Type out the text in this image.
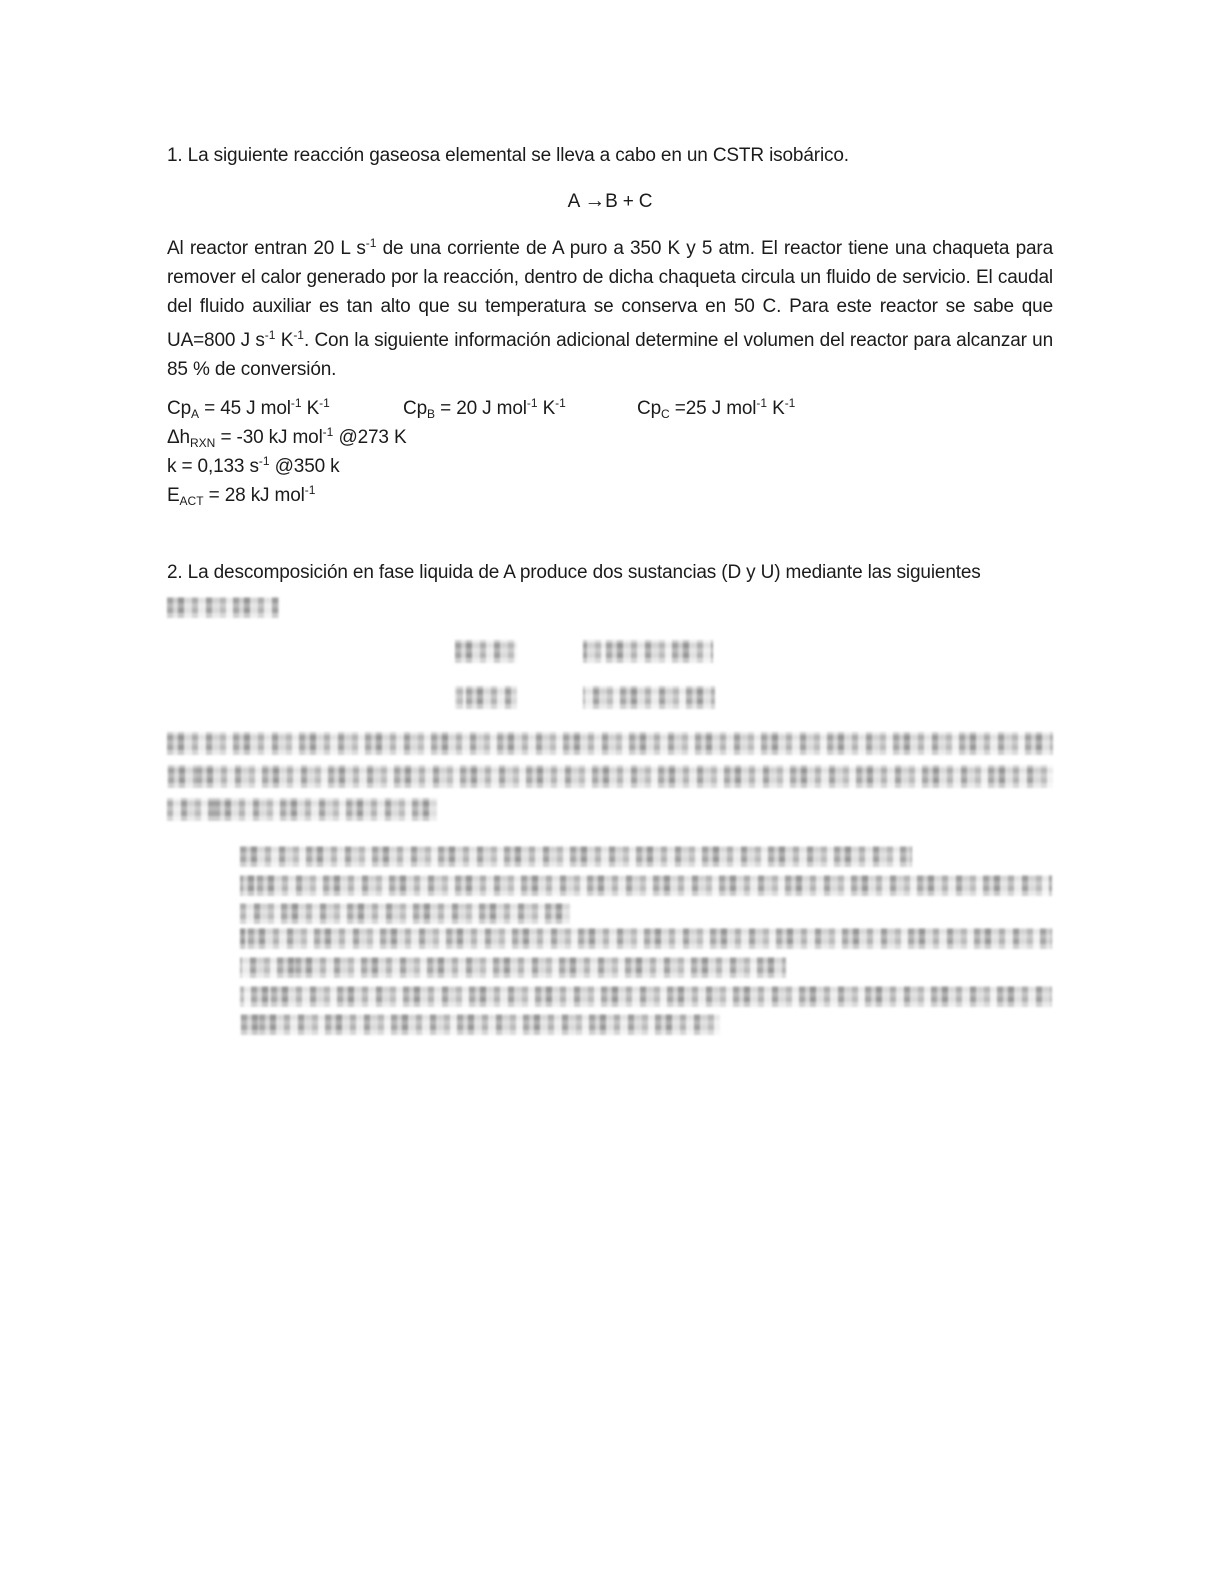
1. La siguiente reacción gaseosa elemental se lleva a cabo en un CSTR isobárico.

A →B + C

Al reactor entran 20 L $s^{-1}$ de una corriente de A puro a 350 K y 5 atm. El reactor tiene una chaqueta para remover el calor generado por la reacción, dentro de dicha chaqueta circula un fluido de servicio. El caudal del fluido auxiliar es tan alto que su temperatura se conserva en 50 C. Para este reactor se sabe que UA=800 J $s^{-1}$ $K^{-1}$. Con la siguiente información adicional determine el volumen del reactor para alcanzar un 85 % de conversión.

$Cp_A = 45$ J mol$^{-1}$ $K^{-1}$	$Cp_B = 20$ J mol$^{-1}$ $K^{-1}$	$Cp_C =25$ J mol$^{-1}$ $K^{-1}$

$\Delta h_{RXN} = -30$ kJ mol$^{-1}$ @273 K

k = 0,133 $s^{-1}$ @350 k

$E_{ACT} = 28$ kJ mol$^{-1}$

2. La descomposición en fase liquida de A produce dos sustancias (D y U) mediante las siguientes
